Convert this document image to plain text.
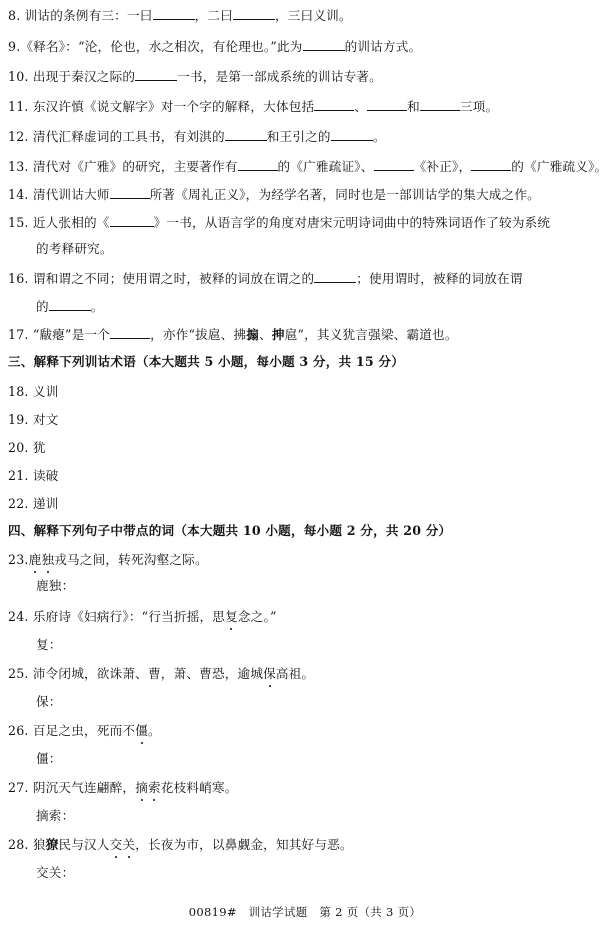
8. 训诂的条例有三：一曰	，二曰	，三曰义训。
9.《释名》：“沦，伦也，水之相次，有伦理也。”此为	的训诂方式。
10. 出现于秦汉之际的	一书，是第一部成系统的训诂专著。
11. 东汉许慎《说文解字》对一个字的解释，大体包括	、	和	三项。
12. 清代汇释虚词的工具书，有刘淇的	和王引之的	。
13. 清代对《广雅》的研究，主要著作有	的《广雅疏证》、	《补正》，	的《广雅疏义》。
14. 清代训诂大师	所著《周礼正义》，为经学名著，同时也是一部训诂学的集大成之作。
15. 近人张相的《	》一书，从语言学的角度对唐宋元明诗词曲中的特殊词语作了较为系统
的考释研究。
16. 谓和谓之不同；使用谓之时，被释的词放在谓之的	；使用谓时，被释的词放在谓
的	。
17. “瞂瘪”是一个	，亦作“拔扈、拂搧、抻扈”，其义犹言强梁、霸道也。
三、解释下列训诂术语（本大题共 5 小题，每小题 3 分，共 15 分）
18. 义训
19. 对文
20. 犹
21. 读破
22. 递训
四、解释下列句子中带点的词（本大题共 10 小题，每小题 2 分，共 20 分）
23.鹿独戎马之间，转死沟壑之际。
鹿独：
24. 乐府诗《妇病行》：“行当折摇，思复念之。”
复：
25. 沛令闭城，欲诛萧、曹，萧、曹恐，逾城保高祖。
保：
26. 百足之虫，死而不僵。
僵：
27. 阴沉天气连翩醉，摘索花枝料峭寒。
摘索：
28. 狼獠民与汉人交关，长夜为市，以鼻觑金，知其好与恶。
交关：
00819#　训诂学试题　第 2 页（共 3 页）
